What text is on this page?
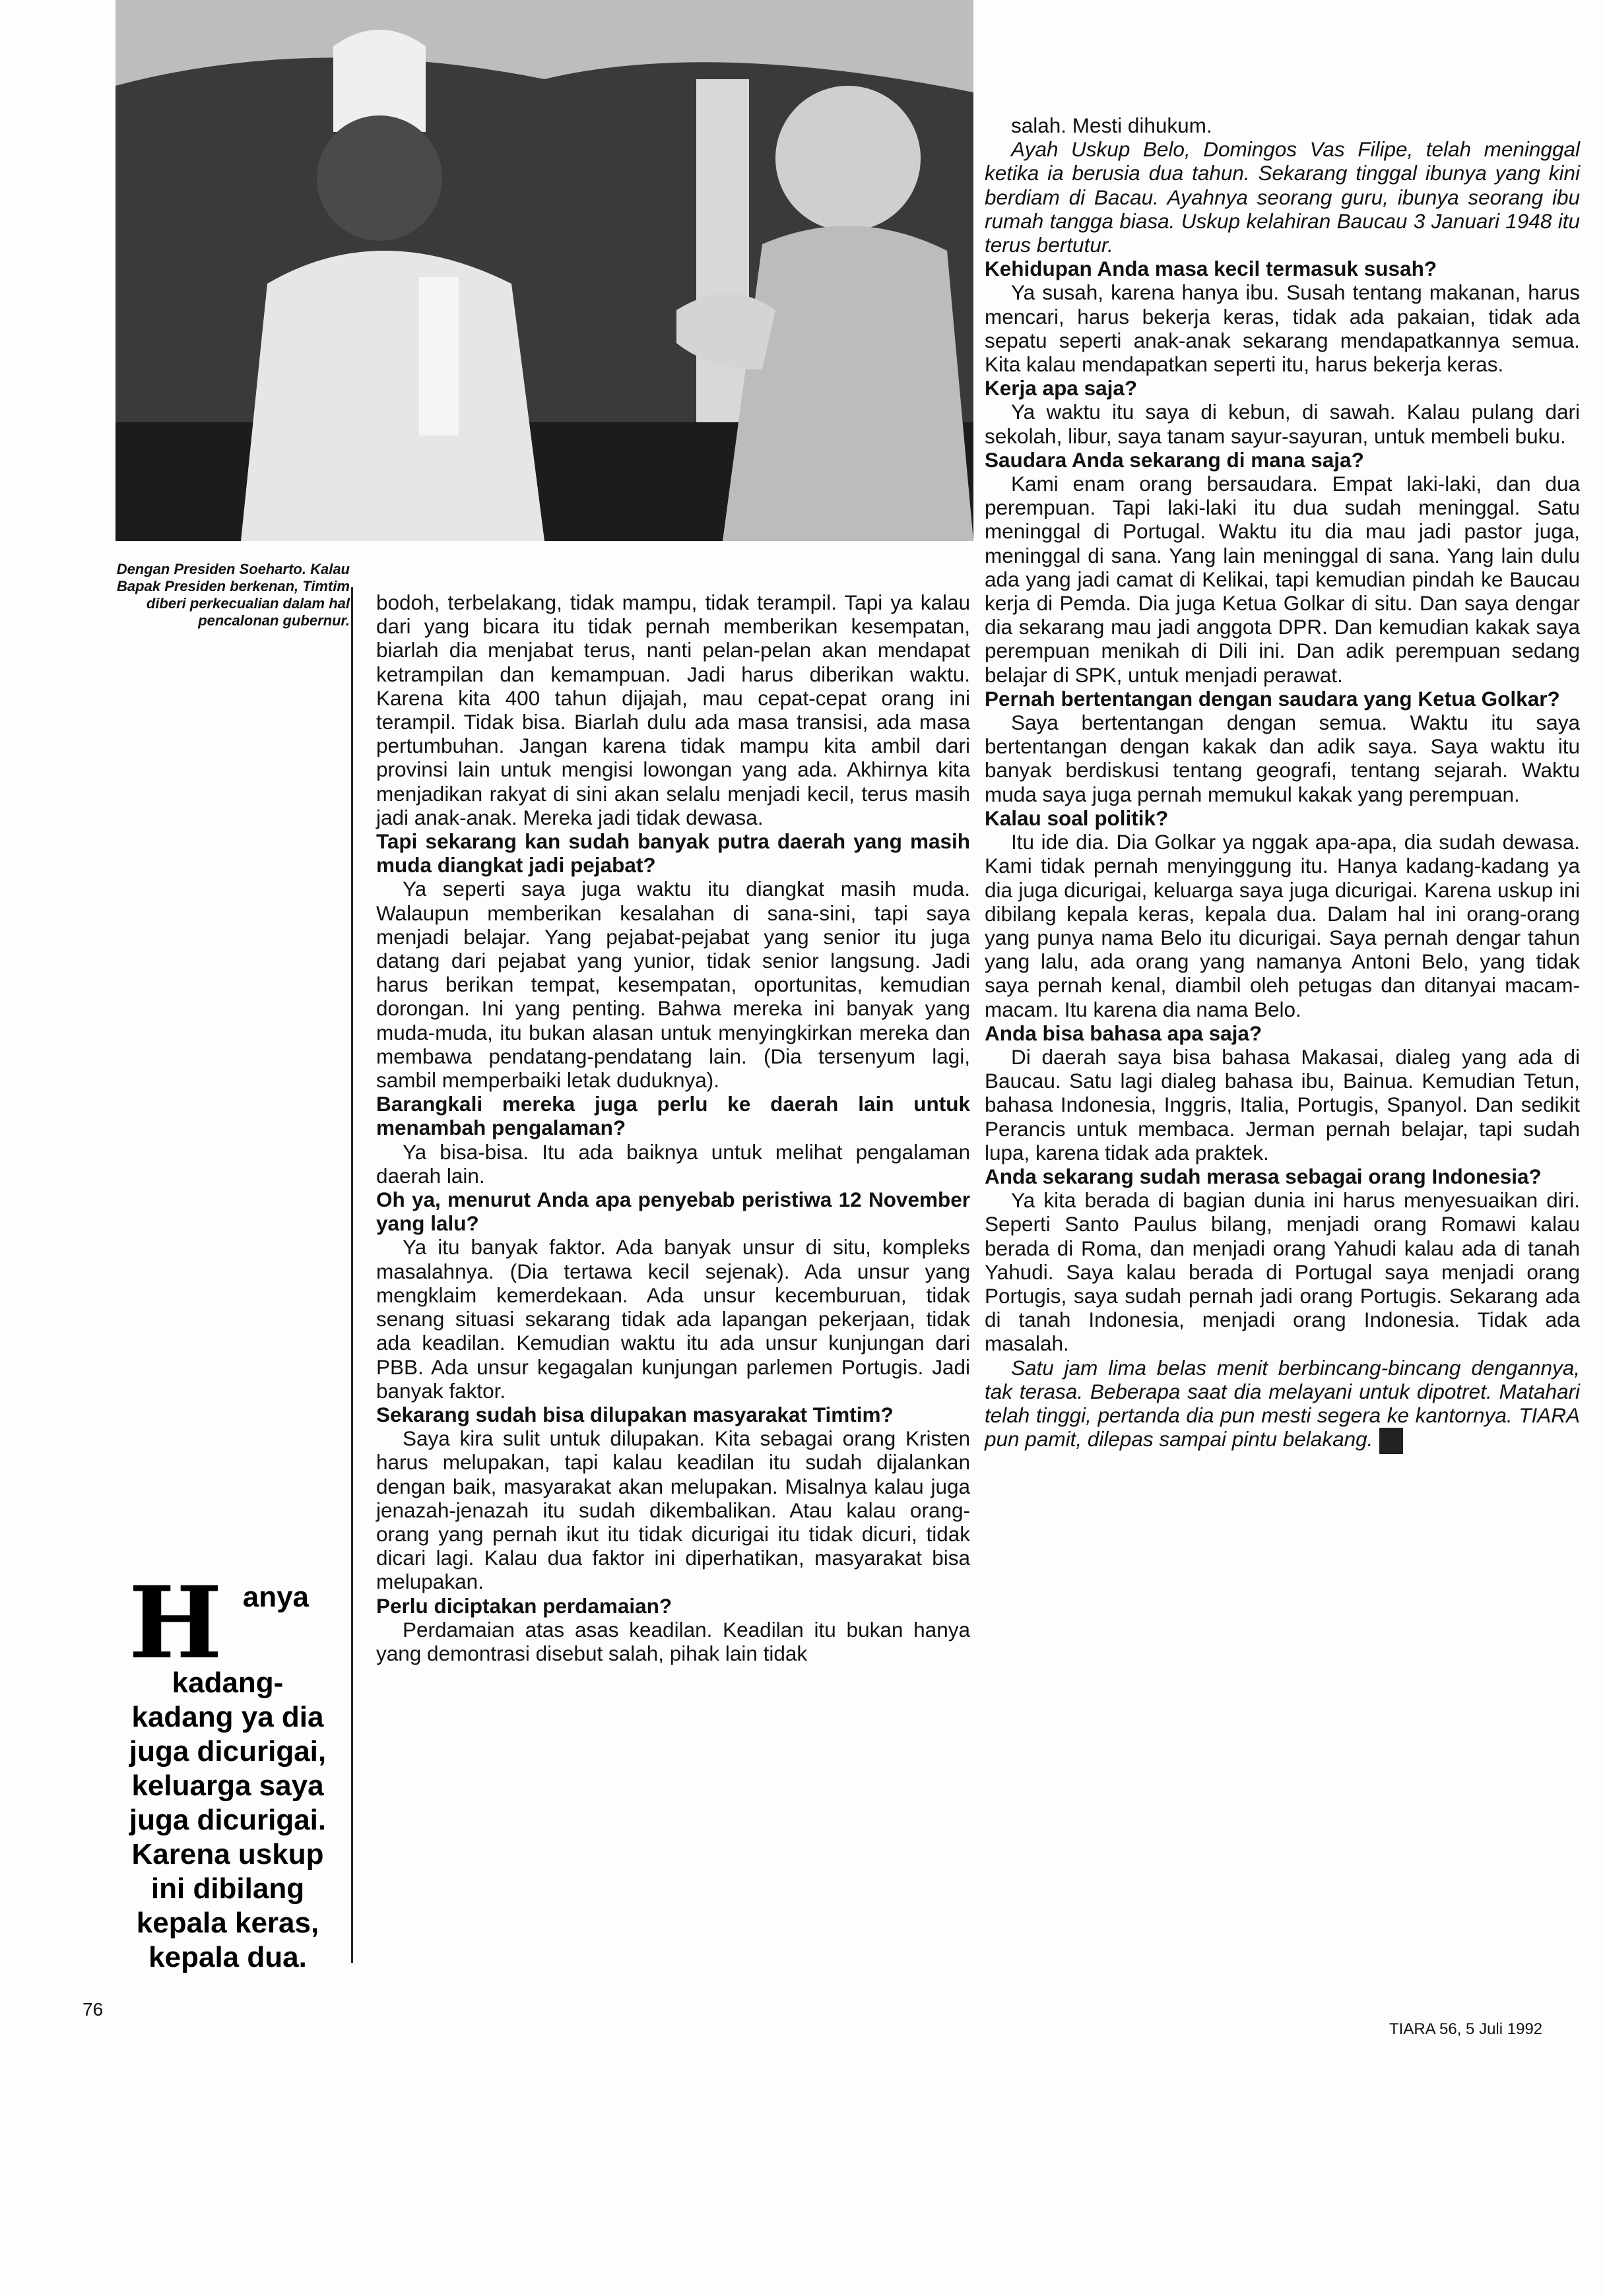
Dengan Presiden Soeharto. Kalau Bapak Presiden berkenan, Timtim diberi perkecualian dalam hal pencalonan gubernur.

bodoh, terbelakang, tidak mampu, tidak terampil. Tapi ya kalau dari yang bicara itu tidak pernah memberikan kesempatan, biarlah dia menjabat terus, nanti pelan-pelan akan mendapat ketrampilan dan kemampuan. Jadi harus diberikan waktu. Karena kita 400 tahun dijajah, mau cepat-cepat orang ini terampil. Tidak bisa. Biarlah dulu ada masa transisi, ada masa pertumbuhan. Jangan karena tidak mampu kita ambil dari provinsi lain untuk mengisi lowongan yang ada. Akhirnya kita menjadikan rakyat di sini akan selalu menjadi kecil, terus masih jadi anak-anak. Mereka jadi tidak dewasa.

Tapi sekarang kan sudah banyak putra daerah yang masih muda diangkat jadi pejabat?

Ya seperti saya juga waktu itu diangkat masih muda. Walaupun memberikan kesalahan di sana-sini, tapi saya menjadi belajar. Yang pejabat-pejabat yang senior itu juga datang dari pejabat yang yunior, tidak senior langsung. Jadi harus berikan tempat, kesempatan, oportunitas, kemudian dorongan. Ini yang penting. Bahwa mereka ini banyak yang muda-muda, itu bukan alasan untuk menyingkirkan mereka dan membawa pendatang-pendatang lain. (Dia tersenyum lagi, sambil memperbaiki letak duduknya).

Barangkali mereka juga perlu ke daerah lain untuk menambah pengalaman?

Ya bisa-bisa. Itu ada baiknya untuk melihat pengalaman daerah lain.

Oh ya, menurut Anda apa penyebab peristiwa 12 November yang lalu?

Ya itu banyak faktor. Ada banyak unsur di situ, kompleks masalahnya. (Dia tertawa kecil sejenak). Ada unsur yang mengklaim kemerdekaan. Ada unsur kecemburuan, tidak senang situasi sekarang tidak ada lapangan pekerjaan, tidak ada keadilan. Kemudian waktu itu ada unsur kunjungan dari PBB. Ada unsur kegagalan kunjungan parlemen Portugis. Jadi banyak faktor.

Sekarang sudah bisa dilupakan masyarakat Timtim?

Saya kira sulit untuk dilupakan. Kita sebagai orang Kristen harus melupakan, tapi kalau keadilan itu sudah dijalankan dengan baik, masyarakat akan melupakan. Misalnya kalau juga jenazah-jenazah itu sudah dikembalikan. Atau kalau orang-orang yang pernah ikut itu tidak dicurigai itu tidak dicuri, tidak dicari lagi. Kalau dua faktor ini diperhatikan, masyarakat bisa melupakan.

Perlu diciptakan perdamaian?

Perdamaian atas asas keadilan. Keadilan itu bukan hanya yang demontrasi disebut salah, pihak lain tidak

salah. Mesti dihukum.

Ayah Uskup Belo, Domingos Vas Filipe, telah meninggal ketika ia berusia dua tahun. Sekarang tinggal ibunya yang kini berdiam di Bacau. Ayahnya seorang guru, ibunya seorang ibu rumah tangga biasa. Uskup kelahiran Baucau 3 Januari 1948 itu terus bertutur.

Kehidupan Anda masa kecil termasuk susah?

Ya susah, karena hanya ibu. Susah tentang makanan, harus mencari, harus bekerja keras, tidak ada pakaian, tidak ada sepatu seperti anak-anak sekarang mendapatkannya semua. Kita kalau mendapatkan seperti itu, harus bekerja keras.

Kerja apa saja?

Ya waktu itu saya di kebun, di sawah. Kalau pulang dari sekolah, libur, saya tanam sayur-sayuran, untuk membeli buku.

Saudara Anda sekarang di mana saja?

Kami enam orang bersaudara. Empat laki-laki, dan dua perempuan. Tapi laki-laki itu dua sudah meninggal. Satu meninggal di Portugal. Waktu itu dia mau jadi pastor juga, meninggal di sana. Yang lain meninggal di sana. Yang lain dulu ada yang jadi camat di Kelikai, tapi kemudian pindah ke Baucau kerja di Pemda. Dia juga Ketua Golkar di situ. Dan saya dengar dia sekarang mau jadi anggota DPR. Dan kemudian kakak saya perempuan menikah di Dili ini. Dan adik perempuan sedang belajar di SPK, untuk menjadi perawat.

Pernah bertentangan dengan saudara yang Ketua Golkar?

Saya bertentangan dengan semua. Waktu itu saya bertentangan dengan kakak dan adik saya. Saya waktu itu banyak berdiskusi tentang geografi, tentang sejarah. Waktu muda saya juga pernah memukul kakak yang perempuan.

Kalau soal politik?

Itu ide dia. Dia Golkar ya nggak apa-apa, dia sudah dewasa. Kami tidak pernah menyinggung itu. Hanya kadang-kadang ya dia juga dicurigai, keluarga saya juga dicurigai. Karena uskup ini dibilang kepala keras, kepala dua. Dalam hal ini orang-orang yang punya nama Belo itu dicurigai. Saya pernah dengar tahun yang lalu, ada orang yang namanya Antoni Belo, yang tidak saya pernah kenal, diambil oleh petugas dan ditanyai macam-macam. Itu karena dia nama Belo.

Anda bisa bahasa apa saja?

Di daerah saya bisa bahasa Makasai, dialeg yang ada di Baucau. Satu lagi dialeg bahasa ibu, Bainua. Kemudian Tetun, bahasa Indonesia, Inggris, Italia, Portugis, Spanyol. Dan sedikit Perancis untuk membaca. Jerman pernah belajar, tapi sudah lupa, karena tidak ada praktek.

Anda sekarang sudah merasa sebagai orang Indonesia?

Ya kita berada di bagian dunia ini harus menyesuaikan diri. Seperti Santo Paulus bilang, menjadi orang Romawi kalau berada di Roma, dan menjadi orang Yahudi kalau ada di tanah Yahudi. Saya kalau berada di Portugal saya menjadi orang Portugis, saya sudah pernah jadi orang Portugis. Sekarang ada di tanah Indonesia, menjadi orang Indonesia. Tidak ada masalah.

Satu jam lima belas menit berbincang-bincang dengannya, tak terasa. Beberapa saat dia melayani untuk dipotret. Matahari telah tinggi, pertanda dia pun mesti segera ke kantornya. TIARA pun pamit, dilepas sampai pintu belakang.

H anya kadang-kadang ya dia juga dicurigai, keluarga saya juga dicurigai. Karena uskup ini dibilang kepala keras, kepala dua.
76
TIARA 56, 5 Juli 1992
